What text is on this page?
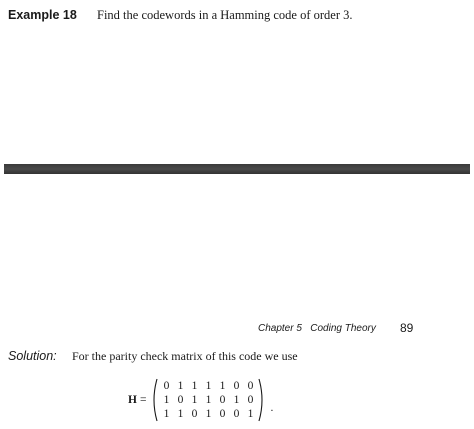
Example 18 Find the codewords in a Hamming code of order 3.
Chapter 5   Coding Theory 89
Solution: For the parity check matrix of this code we use
H =
0 1 1 1 1 0 0
1 0 1 1 0 1 0
1 1 0 1 0 0 1 .
